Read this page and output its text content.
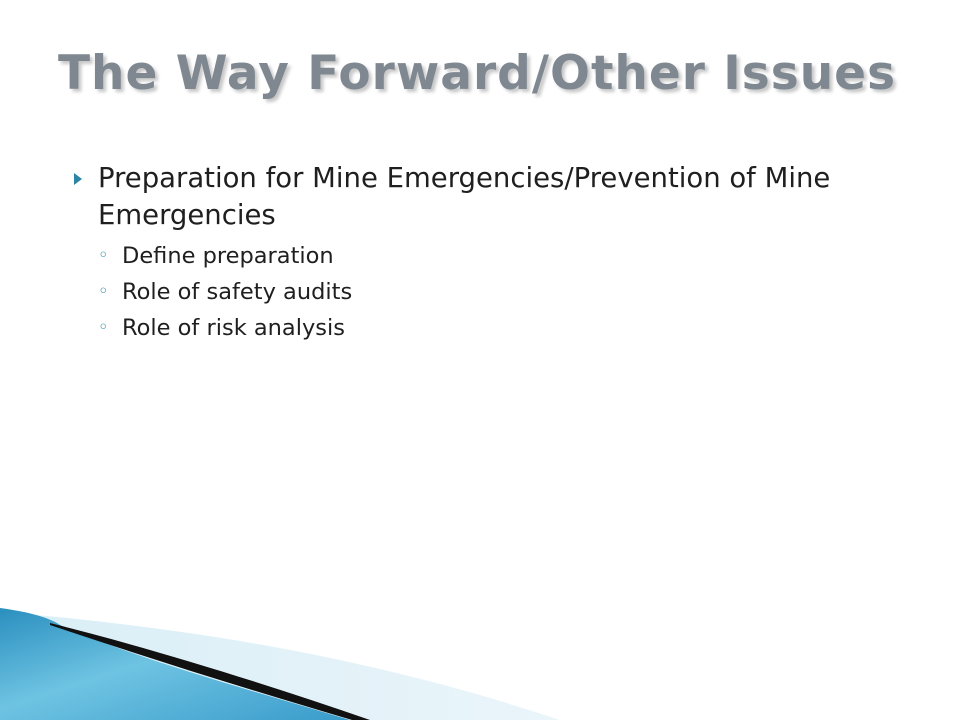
The Way Forward/Other Issues

Preparation for Mine Emergencies/Prevention of Mine Emergencies

◦ Define preparation
◦ Role of safety audits
◦ Role of risk analysis
